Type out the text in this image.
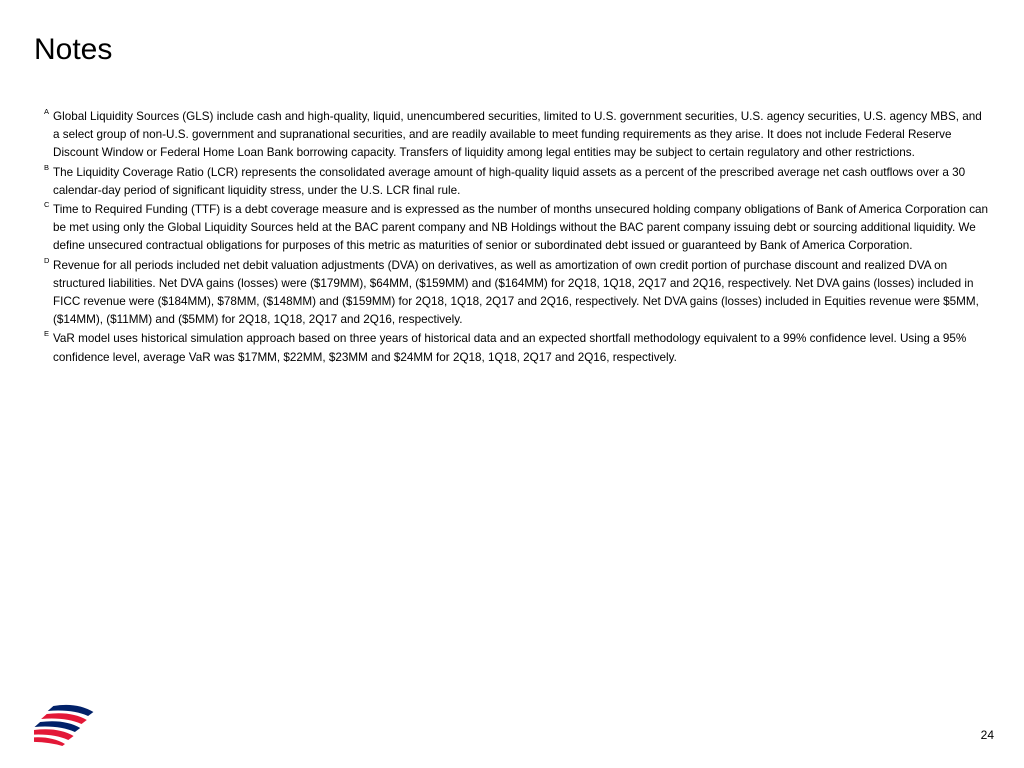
Notes
A Global Liquidity Sources (GLS) include cash and high-quality, liquid, unencumbered securities, limited to U.S. government securities, U.S. agency securities, U.S. agency MBS, and a select group of non-U.S. government and supranational securities, and are readily available to meet funding requirements as they arise. It does not include Federal Reserve Discount Window or Federal Home Loan Bank borrowing capacity. Transfers of liquidity among legal entities may be subject to certain regulatory and other restrictions.
B The Liquidity Coverage Ratio (LCR) represents the consolidated average amount of high-quality liquid assets as a percent of the prescribed average net cash outflows over a 30 calendar-day period of significant liquidity stress, under the U.S. LCR final rule.
C Time to Required Funding (TTF) is a debt coverage measure and is expressed as the number of months unsecured holding company obligations of Bank of America Corporation can be met using only the Global Liquidity Sources held at the BAC parent company and NB Holdings without the BAC parent company issuing debt or sourcing additional liquidity. We define unsecured contractual obligations for purposes of this metric as maturities of senior or subordinated debt issued or guaranteed by Bank of America Corporation.
D Revenue for all periods included net debit valuation adjustments (DVA) on derivatives, as well as amortization of own credit portion of purchase discount and realized DVA on structured liabilities. Net DVA gains (losses) were ($179MM), $64MM, ($159MM) and ($164MM) for 2Q18, 1Q18, 2Q17 and 2Q16, respectively. Net DVA gains (losses) included in FICC revenue were ($184MM), $78MM, ($148MM) and ($159MM) for 2Q18, 1Q18, 2Q17 and 2Q16, respectively. Net DVA gains (losses) included in Equities revenue were $5MM, ($14MM), ($11MM) and ($5MM) for 2Q18, 1Q18, 2Q17 and 2Q16, respectively.
E VaR model uses historical simulation approach based on three years of historical data and an expected shortfall methodology equivalent to a 99% confidence level. Using a 95% confidence level, average VaR was $17MM, $22MM, $23MM and $24MM for 2Q18, 1Q18, 2Q17 and 2Q16, respectively.
24
